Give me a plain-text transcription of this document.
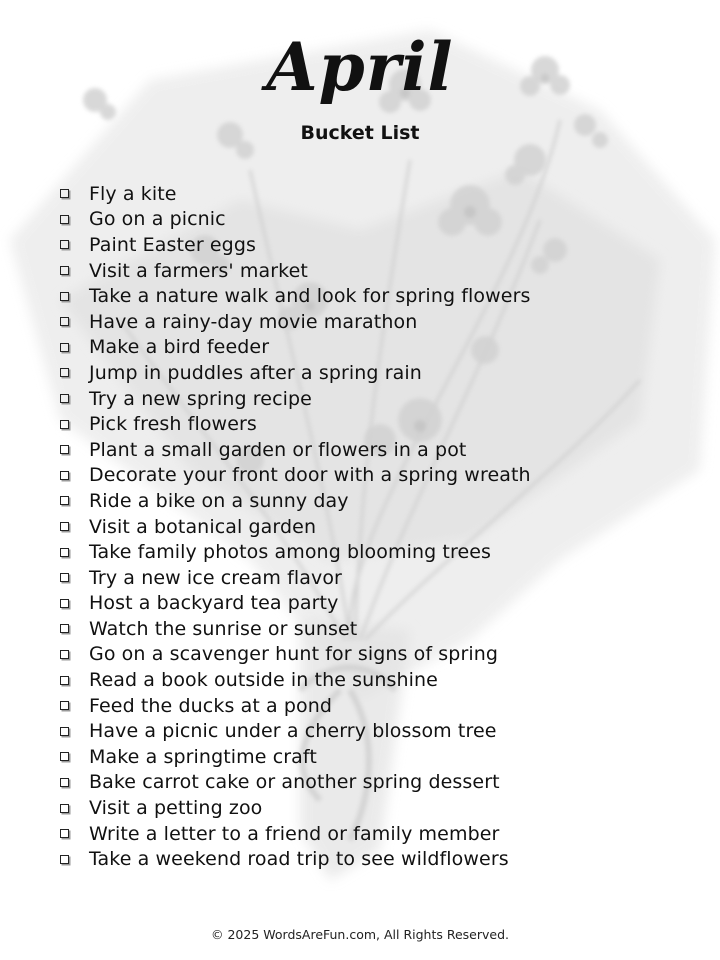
April
Bucket List
Fly a kite
Go on a picnic
Paint Easter eggs
Visit a farmers' market
Take a nature walk and look for spring flowers
Have a rainy-day movie marathon
Make a bird feeder
Jump in puddles after a spring rain
Try a new spring recipe
Pick fresh flowers
Plant a small garden or flowers in a pot
Decorate your front door with a spring wreath
Ride a bike on a sunny day
Visit a botanical garden
Take family photos among blooming trees
Try a new ice cream flavor
Host a backyard tea party
Watch the sunrise or sunset
Go on a scavenger hunt for signs of spring
Read a book outside in the sunshine
Feed the ducks at a pond
Have a picnic under a cherry blossom tree
Make a springtime craft
Bake carrot cake or another spring dessert
Visit a petting zoo
Write a letter to a friend or family member
Take a weekend road trip to see wildflowers
© 2025 WordsAreFun.com, All Rights Reserved.
